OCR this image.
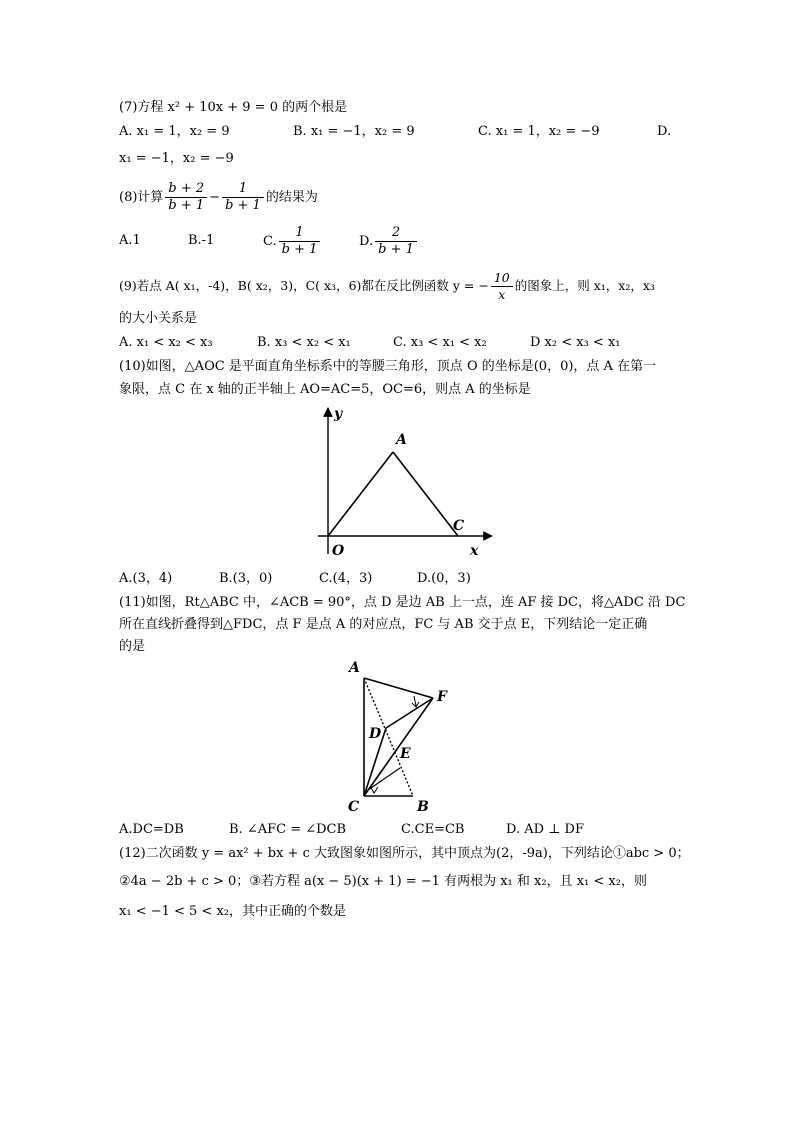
(7)方程 x² + 10x + 9 = 0 的两个根是
A. x₁ = 1，x₂ = 9	B. x₁ = −1，x₂ = 9	C. x₁ = 1，x₂ = −9	D.
x₁ = −1，x₂ = −9
(8)计算 $\frac{b + 2}{b + 1} - \frac{1}{b + 1}$ 的结果为
A.1	B.-1	C. $\frac{1}{b + 1}$	D. $\frac{2}{b + 1}$
(9)若点 A( x₁，-4)，B( x₂，3)，C( x₃，6)都在反比例函数 y = − $\frac{10}{x}$ 的图象上，则 x₁，x₂，x₃
的大小关系是
A. x₁ < x₂ < x₃	B. x₃ < x₂ < x₁	C. x₃ < x₁ < x₂	D x₂ < x₃ < x₁
(10)如图，△AOC 是平面直角坐标系中的等腰三角形，顶点 O 的坐标是(0，0)，点 A 在第一
象限，点 C 在 x 轴的正半轴上 AO=AC=5，OC=6，则点 A 的坐标是
y
x
A
O
C
A.(3，4)	B.(3，0)	C.(4，3)	D.(0，3)
(11)如图，Rt△ABC 中，∠ACB = 90°，点 D 是边 AB 上一点，连 AF 接 DC，将△ADC 沿 DC
所在直线折叠得到△FDC，点 F 是点 A 的对应点，FC 与 AB 交于点 E，下列结论一定正确
的是
A
F
D
E
C	B
A.DC=DB	B. ∠AFC = ∠DCB	C.CE=CB	D. AD ⊥ DF
(12)二次函数 y = ax² + bx + c 大致图象如图所示，其中顶点为(2，-9a)，下列结论①abc > 0；
②4a − 2b + c > 0；③若方程 a(x − 5)(x + 1) = −1 有两根为 x₁ 和 x₂，且 x₁ < x₂，则
x₁ < −1 < 5 < x₂，其中正确的个数是
